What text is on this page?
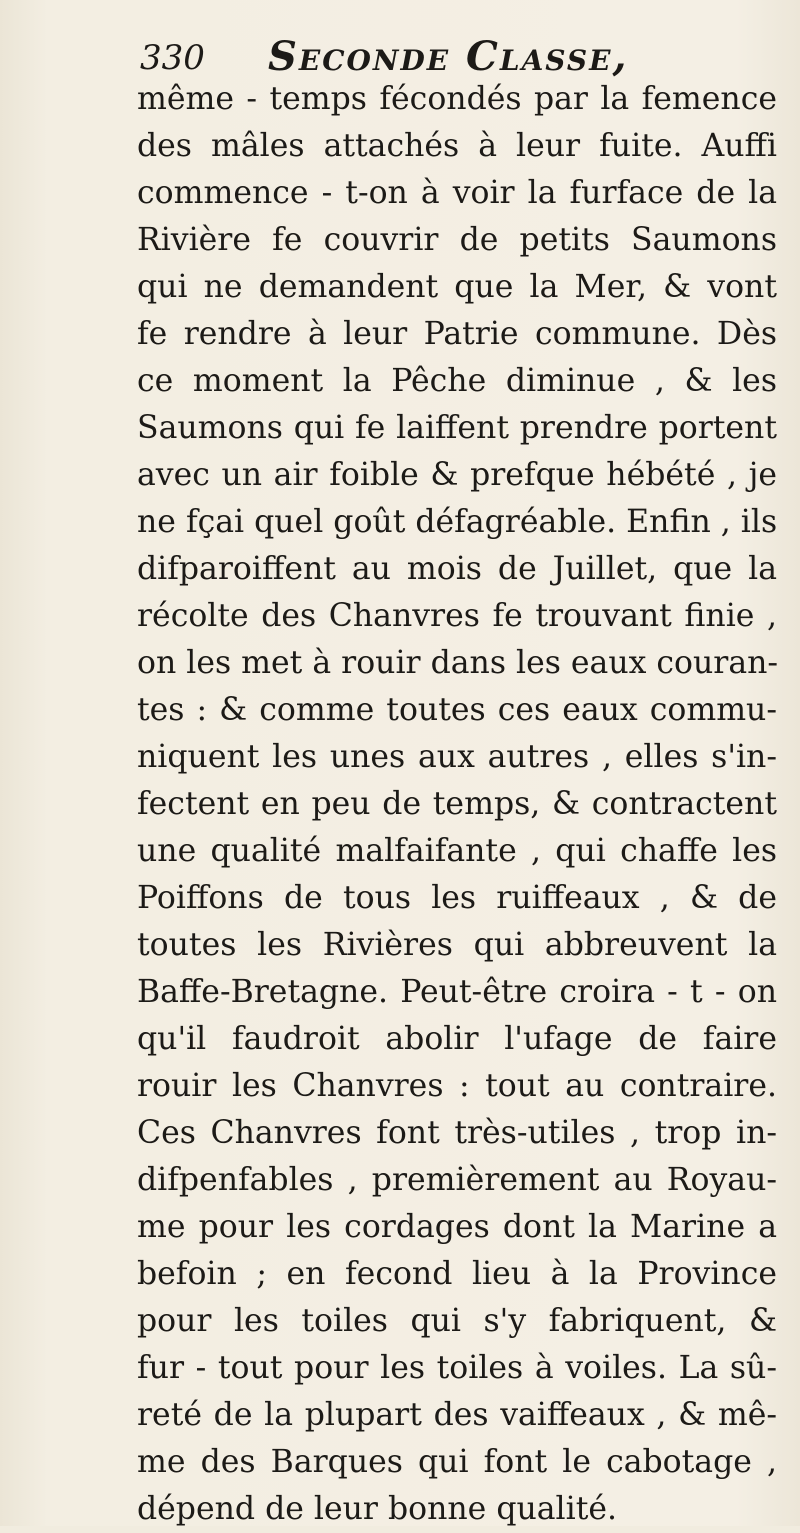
330 Seconde Classe,
même - temps fécondés par la femence
des mâles attachés à leur fuite. Auffi
commence - t-on à voir la furface de la
Rivière fe couvrir de petits Saumons
qui ne demandent que la Mer, & vont
fe rendre à leur Patrie commune. Dès
ce moment la Pêche diminue , & les
Saumons qui fe laiffent prendre portent
avec un air foible & prefque hébété , je
ne fçai quel goût défagréable. Enfin , ils
difparoiffent au mois de Juillet, que la
récolte des Chanvres fe trouvant finie ,
on les met à rouir dans les eaux couran-
tes : & comme toutes ces eaux commu-
niquent les unes aux autres , elles s'in-
fectent en peu de temps, & contractent
une qualité malfaifante , qui chaffe les
Poiffons de tous les ruiffeaux , & de
toutes les Rivières qui abbreuvent la
Baffe-Bretagne. Peut-être croira - t - on
qu'il faudroit abolir l'ufage de faire
rouir les Chanvres : tout au contraire.
Ces Chanvres font très-utiles , trop in-
difpenfables , premièrement au Royau-
me pour les cordages dont la Marine a
befoin ; en fecond lieu à la Province
pour les toiles qui s'y fabriquent, &
fur - tout pour les toiles à voiles. La sû-
reté de la plupart des vaiffeaux , & mê-
me des Barques qui font le cabotage ,
dépend de leur bonne qualité.
